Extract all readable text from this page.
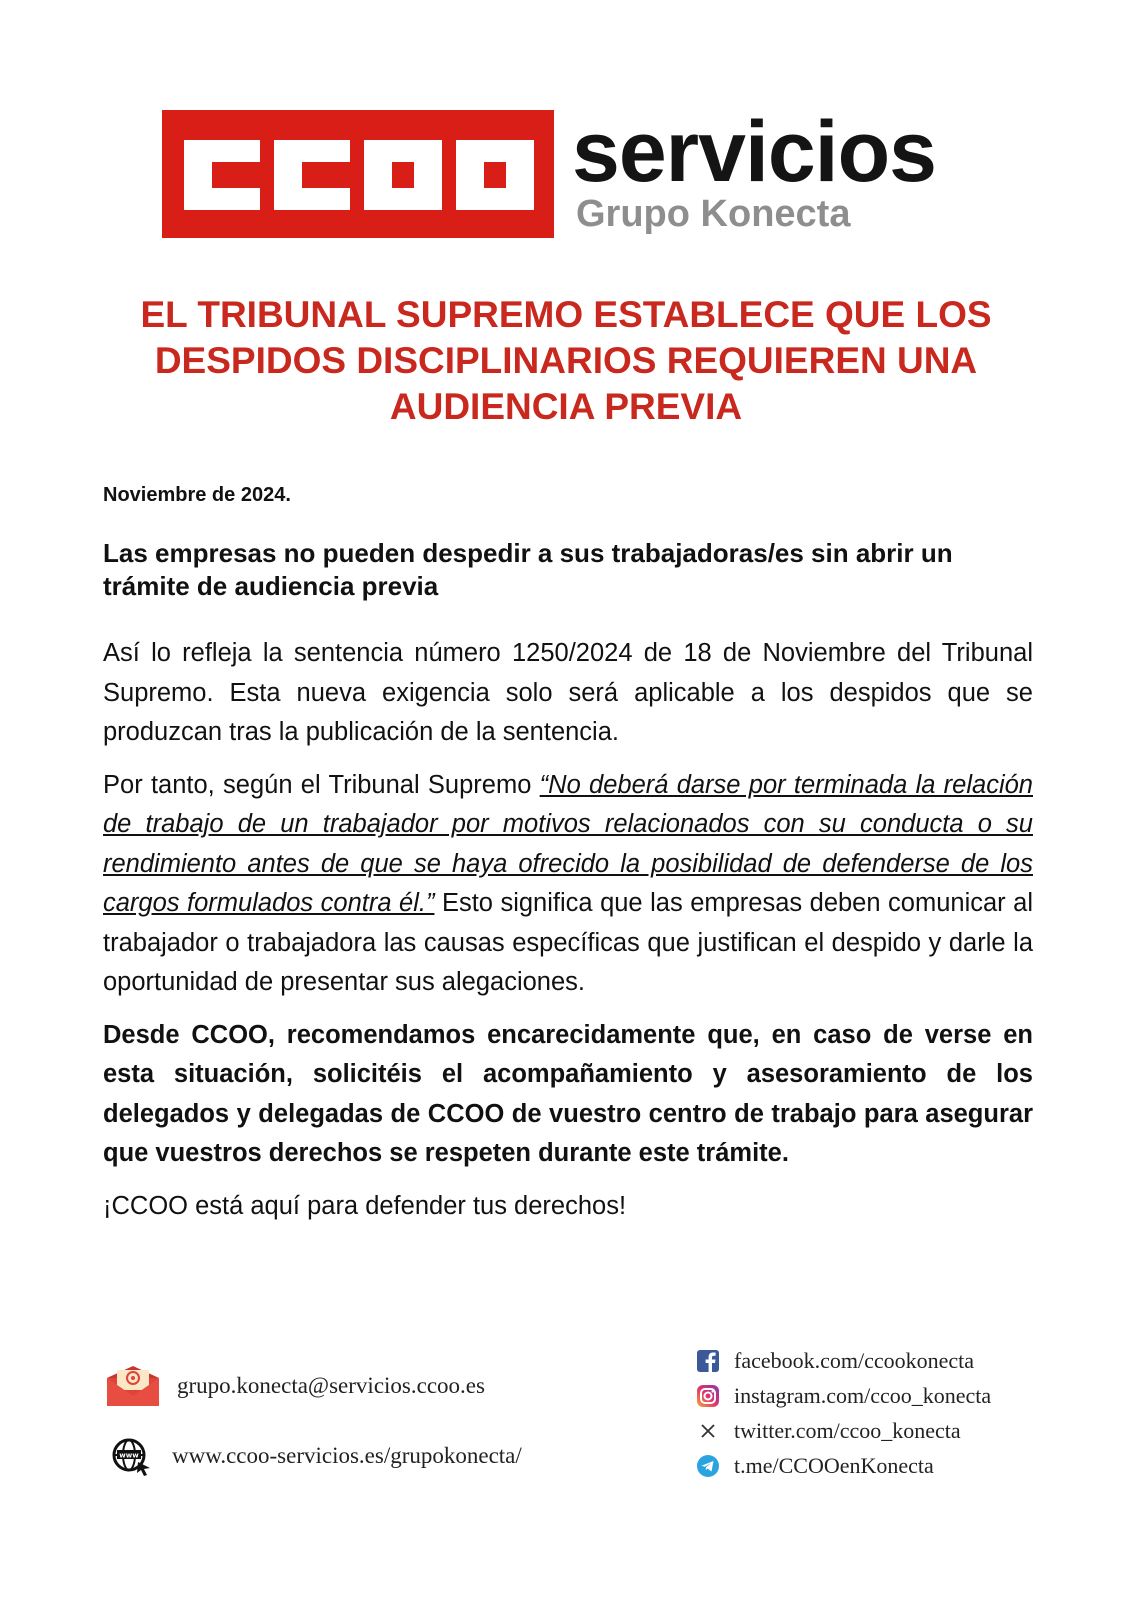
servicios
Grupo Konecta
EL TRIBUNAL SUPREMO ESTABLECE QUE LOS
DESPIDOS DISCIPLINARIOS REQUIEREN UNA
AUDIENCIA PREVIA

Noviembre de 2024.

Las empresas no pueden despedir a sus trabajadoras/es sin abrir un trámite de audiencia previa

Así lo refleja la sentencia número 1250/2024 de 18 de Noviembre del Tribunal Supremo. Esta nueva exigencia solo será aplicable a los despidos que se produzcan tras la publicación de la sentencia.

Por tanto, según el Tribunal Supremo “No deberá darse por terminada la relación de trabajo de un trabajador por motivos relacionados con su conducta o su rendimiento antes de que se haya ofrecido la posibilidad de defenderse de los cargos formulados contra él.” Esto significa que las empresas deben comunicar al trabajador o trabajadora las causas específicas que justifican el despido y darle la oportunidad de presentar sus alegaciones.

Desde CCOO, recomendamos encarecidamente que, en caso de verse en esta situación, solicitéis el acompañamiento y asesoramiento de los delegados y delegadas de CCOO de vuestro centro de trabajo para asegurar que vuestros derechos se respeten durante este trámite.

¡CCOO está aquí para defender tus derechos!

grupo.konecta@servicios.ccoo.es
www www.ccoo-servicios.es/grupokonecta/
facebook.com/ccookonecta
instagram.com/ccoo_konecta
twitter.com/ccoo_konecta
t.me/CCOOenKonecta
